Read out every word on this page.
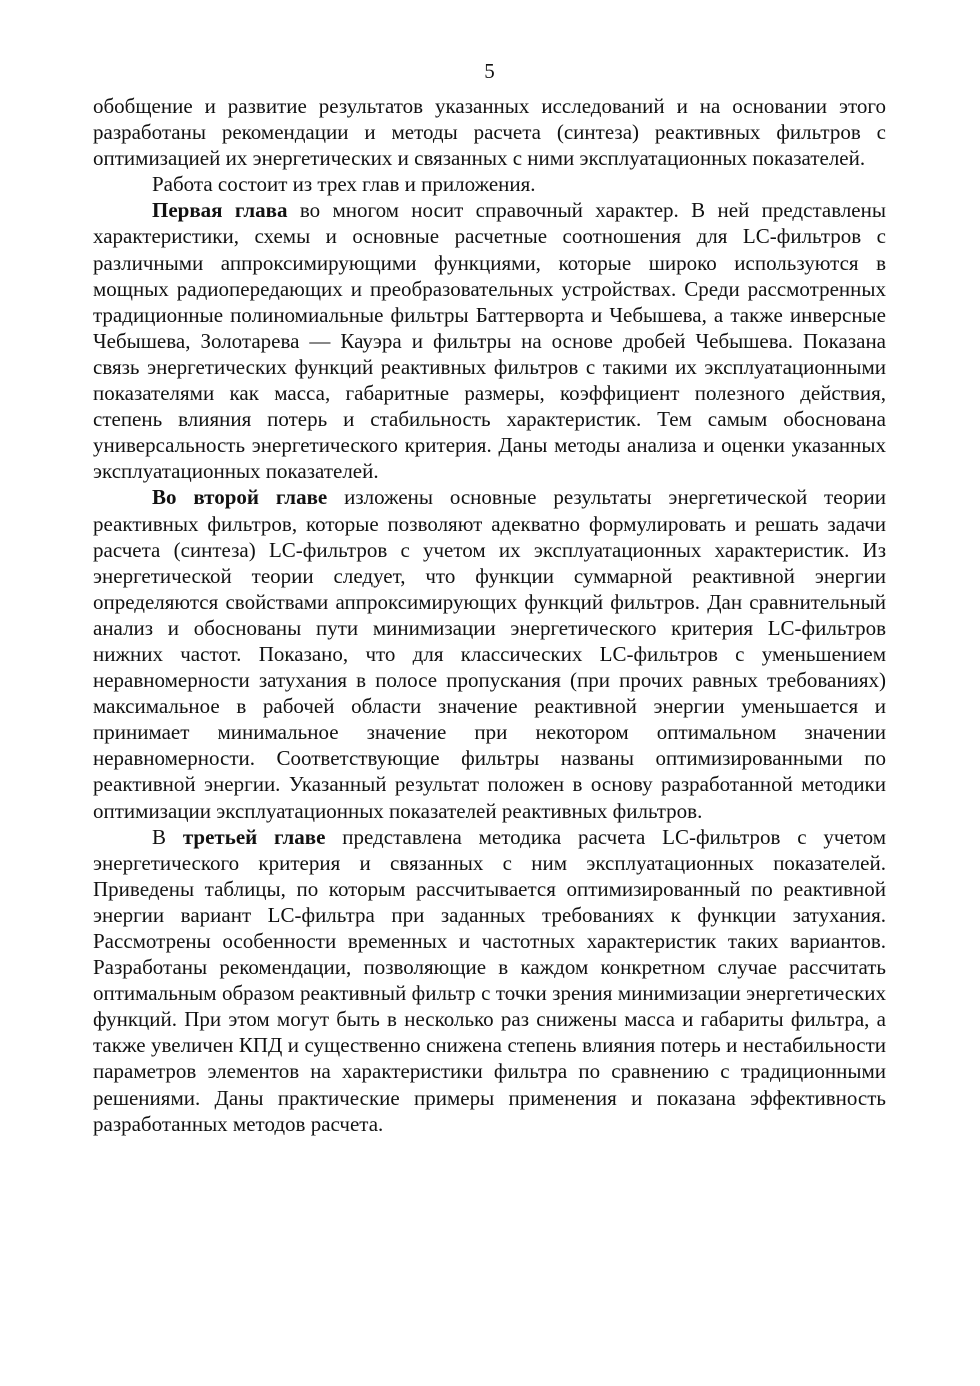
5

обобщение и развитие результатов указанных исследований и на основании этого разработаны рекомендации и методы расчета (синтеза) реактивных фильтров с оптимизацией их энергетических и связанных с ними эксплуатационных показателей.

Работа состоит из трех глав и приложения.

Первая глава во многом носит справочный характер. В ней представлены характеристики, схемы и основные расчетные соотношения для LC-фильтров с различными аппроксимирующими функциями, которые широко используются в мощных радиопередающих и преобразовательных устройствах. Среди рассмотренных традиционные полиномиальные фильтры Баттерворта и Чебышева, а также инверсные Чебышева, Золотарева — Кауэра и фильтры на основе дробей Чебышева. Показана связь энергетических функций реактивных фильтров с такими их эксплуатационными показателями как масса, габаритные размеры, коэффициент полезного действия, степень влияния потерь и стабильность характеристик. Тем самым обоснована универсальность энергетического критерия. Даны методы анализа и оценки указанных эксплуатационных показателей.

Во второй главе изложены основные результаты энергетической теории реактивных фильтров, которые позволяют адекватно формулировать и решать задачи расчета (синтеза) LC-фильтров с учетом их эксплуатационных характеристик. Из энергетической теории следует, что функции суммарной реактивной энергии определяются свойствами аппроксимирующих функций фильтров. Дан сравнительный анализ и обоснованы пути минимизации энергетического критерия LC-фильтров нижних частот. Показано, что для классических LC-фильтров с уменьшением неравномерности затухания в полосе пропускания (при прочих равных требованиях) максимальное в рабочей области значение реактивной энергии уменьшается и принимает минимальное значение при некотором оптимальном значении неравномерности. Соответствующие фильтры названы оптимизированными по реактивной энергии. Указанный результат положен в основу разработанной методики оптимизации эксплуатационных показателей реактивных фильтров.

В третьей главе представлена методика расчета LC-фильтров с учетом энергетического критерия и связанных с ним эксплуатационных показателей. Приведены таблицы, по которым рассчитывается оптимизированный по реактивной энергии вариант LC-фильтра при заданных требованиях к функции затухания. Рассмотрены особенности временных и частотных характеристик таких вариантов. Разработаны рекомендации, позволяющие в каждом конкретном случае рассчитать оптимальным образом реактивный фильтр с точки зрения минимизации энергетических функций. При этом могут быть в несколько раз снижены масса и габариты фильтра, а также увеличен КПД и существенно снижена степень влияния потерь и нестабильности параметров элементов на характеристики фильтра по сравнению с традиционными решениями. Даны практические примеры применения и показана эффективность разработанных методов расчета.
